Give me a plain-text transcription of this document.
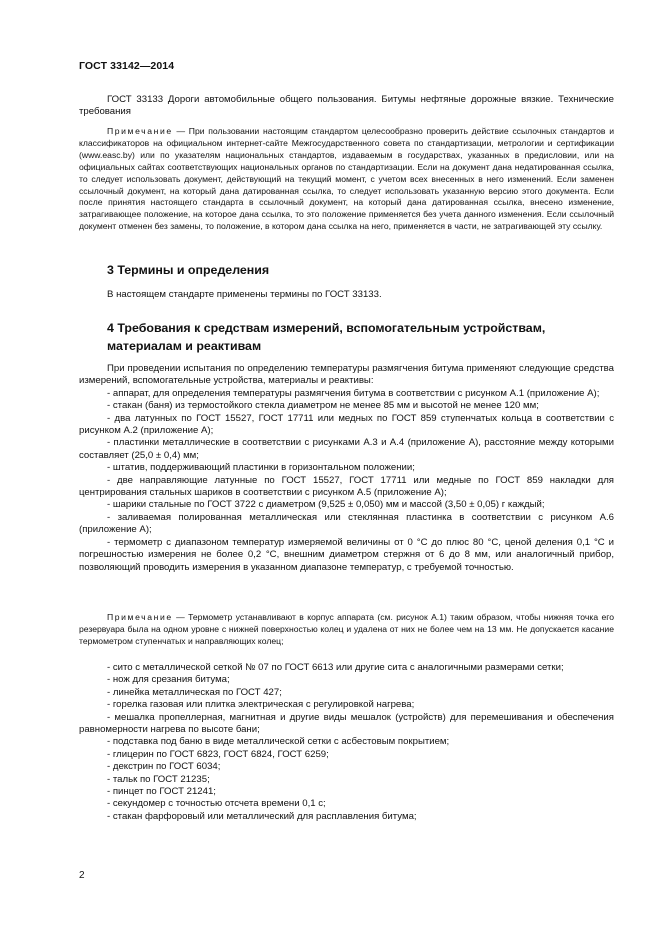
ГОСТ 33142—2014

ГОСТ 33133 Дороги автомобильные общего пользования. Битумы нефтяные дорожные вязкие. Технические требования

Примечание — При пользовании настоящим стандартом целесообразно проверить действие ссылочных стандартов и классификаторов на официальном интернет-сайте Межгосударственного совета по стандартизации, метрологии и сертификации (www.easc.by) или по указателям национальных стандартов, издаваемым в государствах, указанных в предисловии, или на официальных сайтах соответствующих национальных органов по стандартизации. Если на документ дана недатированная ссылка, то следует использовать документ, действующий на текущий момент, с учетом всех внесенных в него изменений. Если заменен ссылочный документ, на который дана датированная ссылка, то следует использовать указанную версию этого документа. Если после принятия настоящего стандарта в ссылочный документ, на который дана датированная ссылка, внесено изменение, затрагивающее положение, на которое дана ссылка, то это положение применяется без учета данного изменения. Если ссылочный документ отменен без замены, то положение, в котором дана ссылка на него, применяется в части, не затрагивающей эту ссылку.

3 Термины и определения

В настоящем стандарте применены термины по ГОСТ 33133.

4 Требования к средствам измерений, вспомогательным устройствам, материалам и реактивам

При проведении испытания по определению температуры размягчения битума применяют следующие средства измерений, вспомогательные устройства, материалы и реактивы:

- аппарат, для определения температуры размягчения битума в соответствии с рисунком А.1 (приложение А);

- стакан (баня) из термостойкого стекла диаметром не менее 85 мм и высотой не менее 120 мм;

- два латунных по ГОСТ 15527, ГОСТ 17711 или медных по ГОСТ 859 ступенчатых кольца в соответствии с рисунком А.2 (приложение А);

- пластинки металлические в соответствии с рисунками А.3 и А.4 (приложение А), расстояние между которыми составляет (25,0 ± 0,4) мм;

- штатив, поддерживающий пластинки в горизонтальном положении;

- две направляющие латунные по ГОСТ 15527, ГОСТ 17711 или медные по ГОСТ 859 накладки для центрирования стальных шариков в соответствии с рисунком А.5 (приложение А);

- шарики стальные по ГОСТ 3722 с диаметром (9,525 ± 0,050) мм и массой (3,50 ± 0,05) г каждый;

- заливаемая полированная металлическая или стеклянная пластинка в соответствии с рисунком А.6 (приложение А);

- термометр с диапазоном температур измеряемой величины от 0 °С до плюс 80 °С, ценой деления 0,1 °С и погрешностью измерения не более 0,2 °С, внешним диаметром стержня от 6 до 8 мм, или аналогичный прибор, позволяющий проводить измерения в указанном диапазоне температур, с требуемой точностью.

Примечание — Термометр устанавливают в корпус аппарата (см. рисунок А.1) таким образом, чтобы нижняя точка его резервуара была на одном уровне с нижней поверхностью колец и удалена от них не более чем на 13 мм. Не допускается касание термометром ступенчатых и направляющих колец;

- сито с металлической сеткой № 07 по ГОСТ 6613 или другие сита с аналогичными размерами сетки;

- нож для срезания битума;

- линейка металлическая по ГОСТ 427;

- горелка газовая или плитка электрическая с регулировкой нагрева;

- мешалка пропеллерная, магнитная и другие виды мешалок (устройств) для перемешивания и обеспечения равномерности нагрева по высоте бани;

- подставка под баню в виде металлической сетки с асбестовым покрытием;

- глицерин по ГОСТ 6823, ГОСТ 6824, ГОСТ 6259;

- декстрин по ГОСТ 6034;

- тальк по ГОСТ 21235;

- пинцет по ГОСТ 21241;

- секундомер с точностью отсчета времени 0,1 с;

- стакан фарфоровый или металлический для расплавления битума;

2
